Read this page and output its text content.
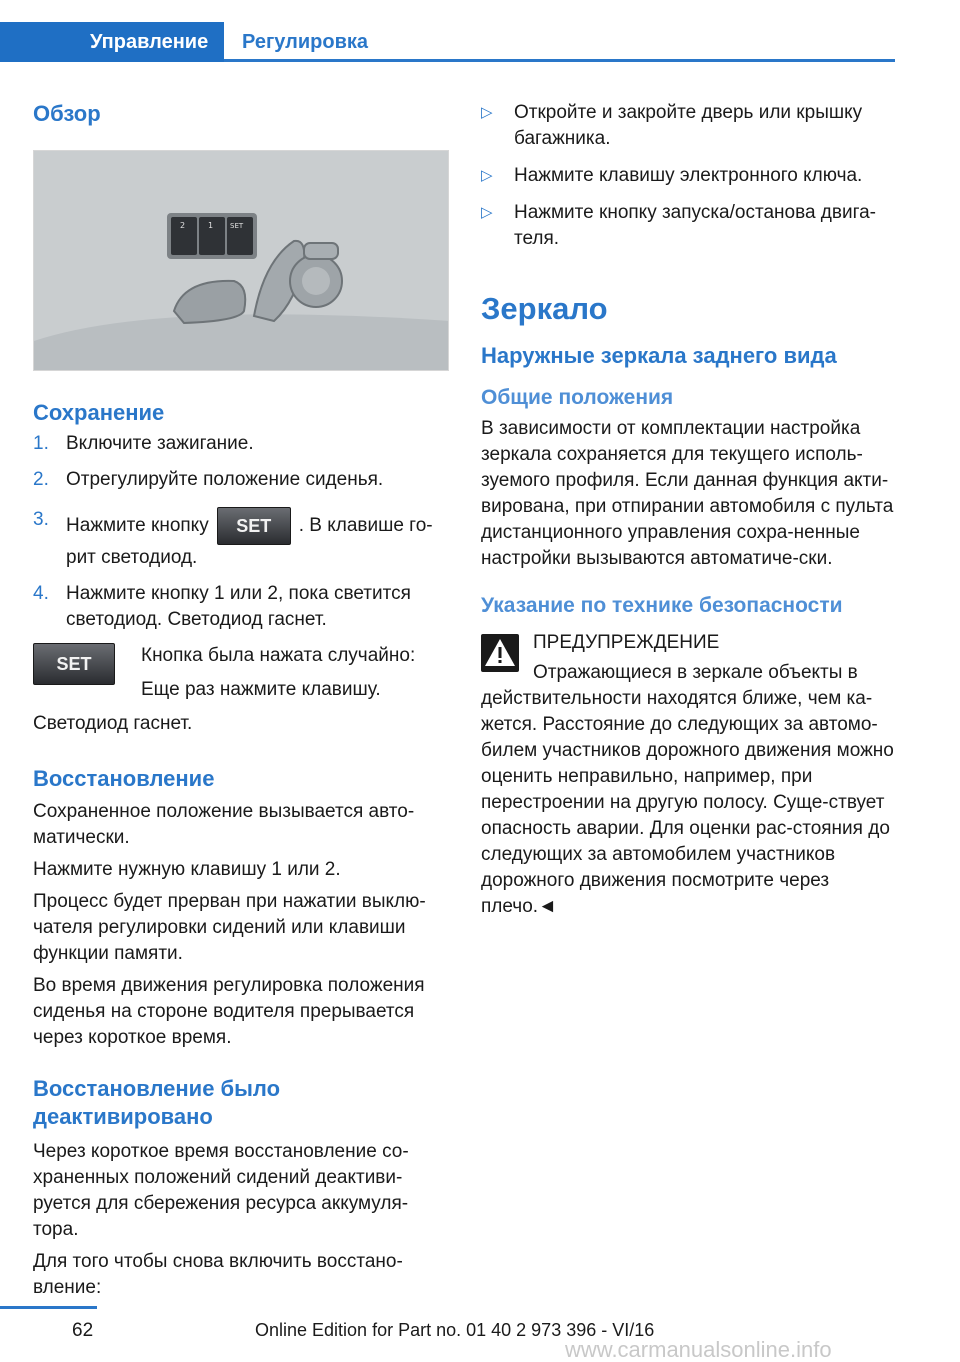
Управление	Регулировка
Обзор
2	1 SET
Сохранение
1. Включите зажигание.
2. Отрегулируйте положение сиденья.
3. Нажмите кнопку SET . В клавише го-рит светодиод.
4. Нажмите кнопку 1 или 2, пока светится светодиод. Светодиод гаснет.
SET	Кнопка была нажата случайно:
Еще раз нажмите клавишу.
Светодиод гаснет.
Восстановление
Сохраненное положение вызывается авто-матически.
Нажмите нужную клавишу 1 или 2.
Процесс будет прерван при нажатии выклю-чателя регулировки сидений или клавиши функции памяти.
Во время движения регулировка положения сиденья на стороне водителя прерывается через короткое время.
Восстановление было деактивировано
Через короткое время восстановление со-храненных положений сидений деактиви-руется для сбережения ресурса аккумуля-тора.
Для того чтобы снова включить восстано-вление:
▷ Откройте и закройте дверь или крышку багажника.
▷ Нажмите клавишу электронного ключа.
▷ Нажмите кнопку запуска/останова двига-теля.
Зеркало
Наружные зеркала заднего вида
Общие положения
В зависимости от комплектации настройка зеркала сохраняется для текущего исполь-зуемого профиля. Если данная функция акти-вирована, при отпирании автомобиля с пульта дистанционного управления сохра-ненные настройки вызываются автоматиче-ски.
Указание по технике безопасности
ПРЕДУПРЕЖДЕНИЕ
Отражающиеся в зеркале объекты в действительности находятся ближе, чем ка-жется. Расстояние до следующих за автомо-билем участников дорожного движения можно оценить неправильно, например, при перестроении на другую полосу. Суще-ствует опасность аварии. Для оценки рас-стояния до следующих за автомобилем участников дорожного движения посмотрите через плечо.◄
62	Online Edition for Part no. 01 40 2 973 396 - VI/16
www.carmanualsonline.info
